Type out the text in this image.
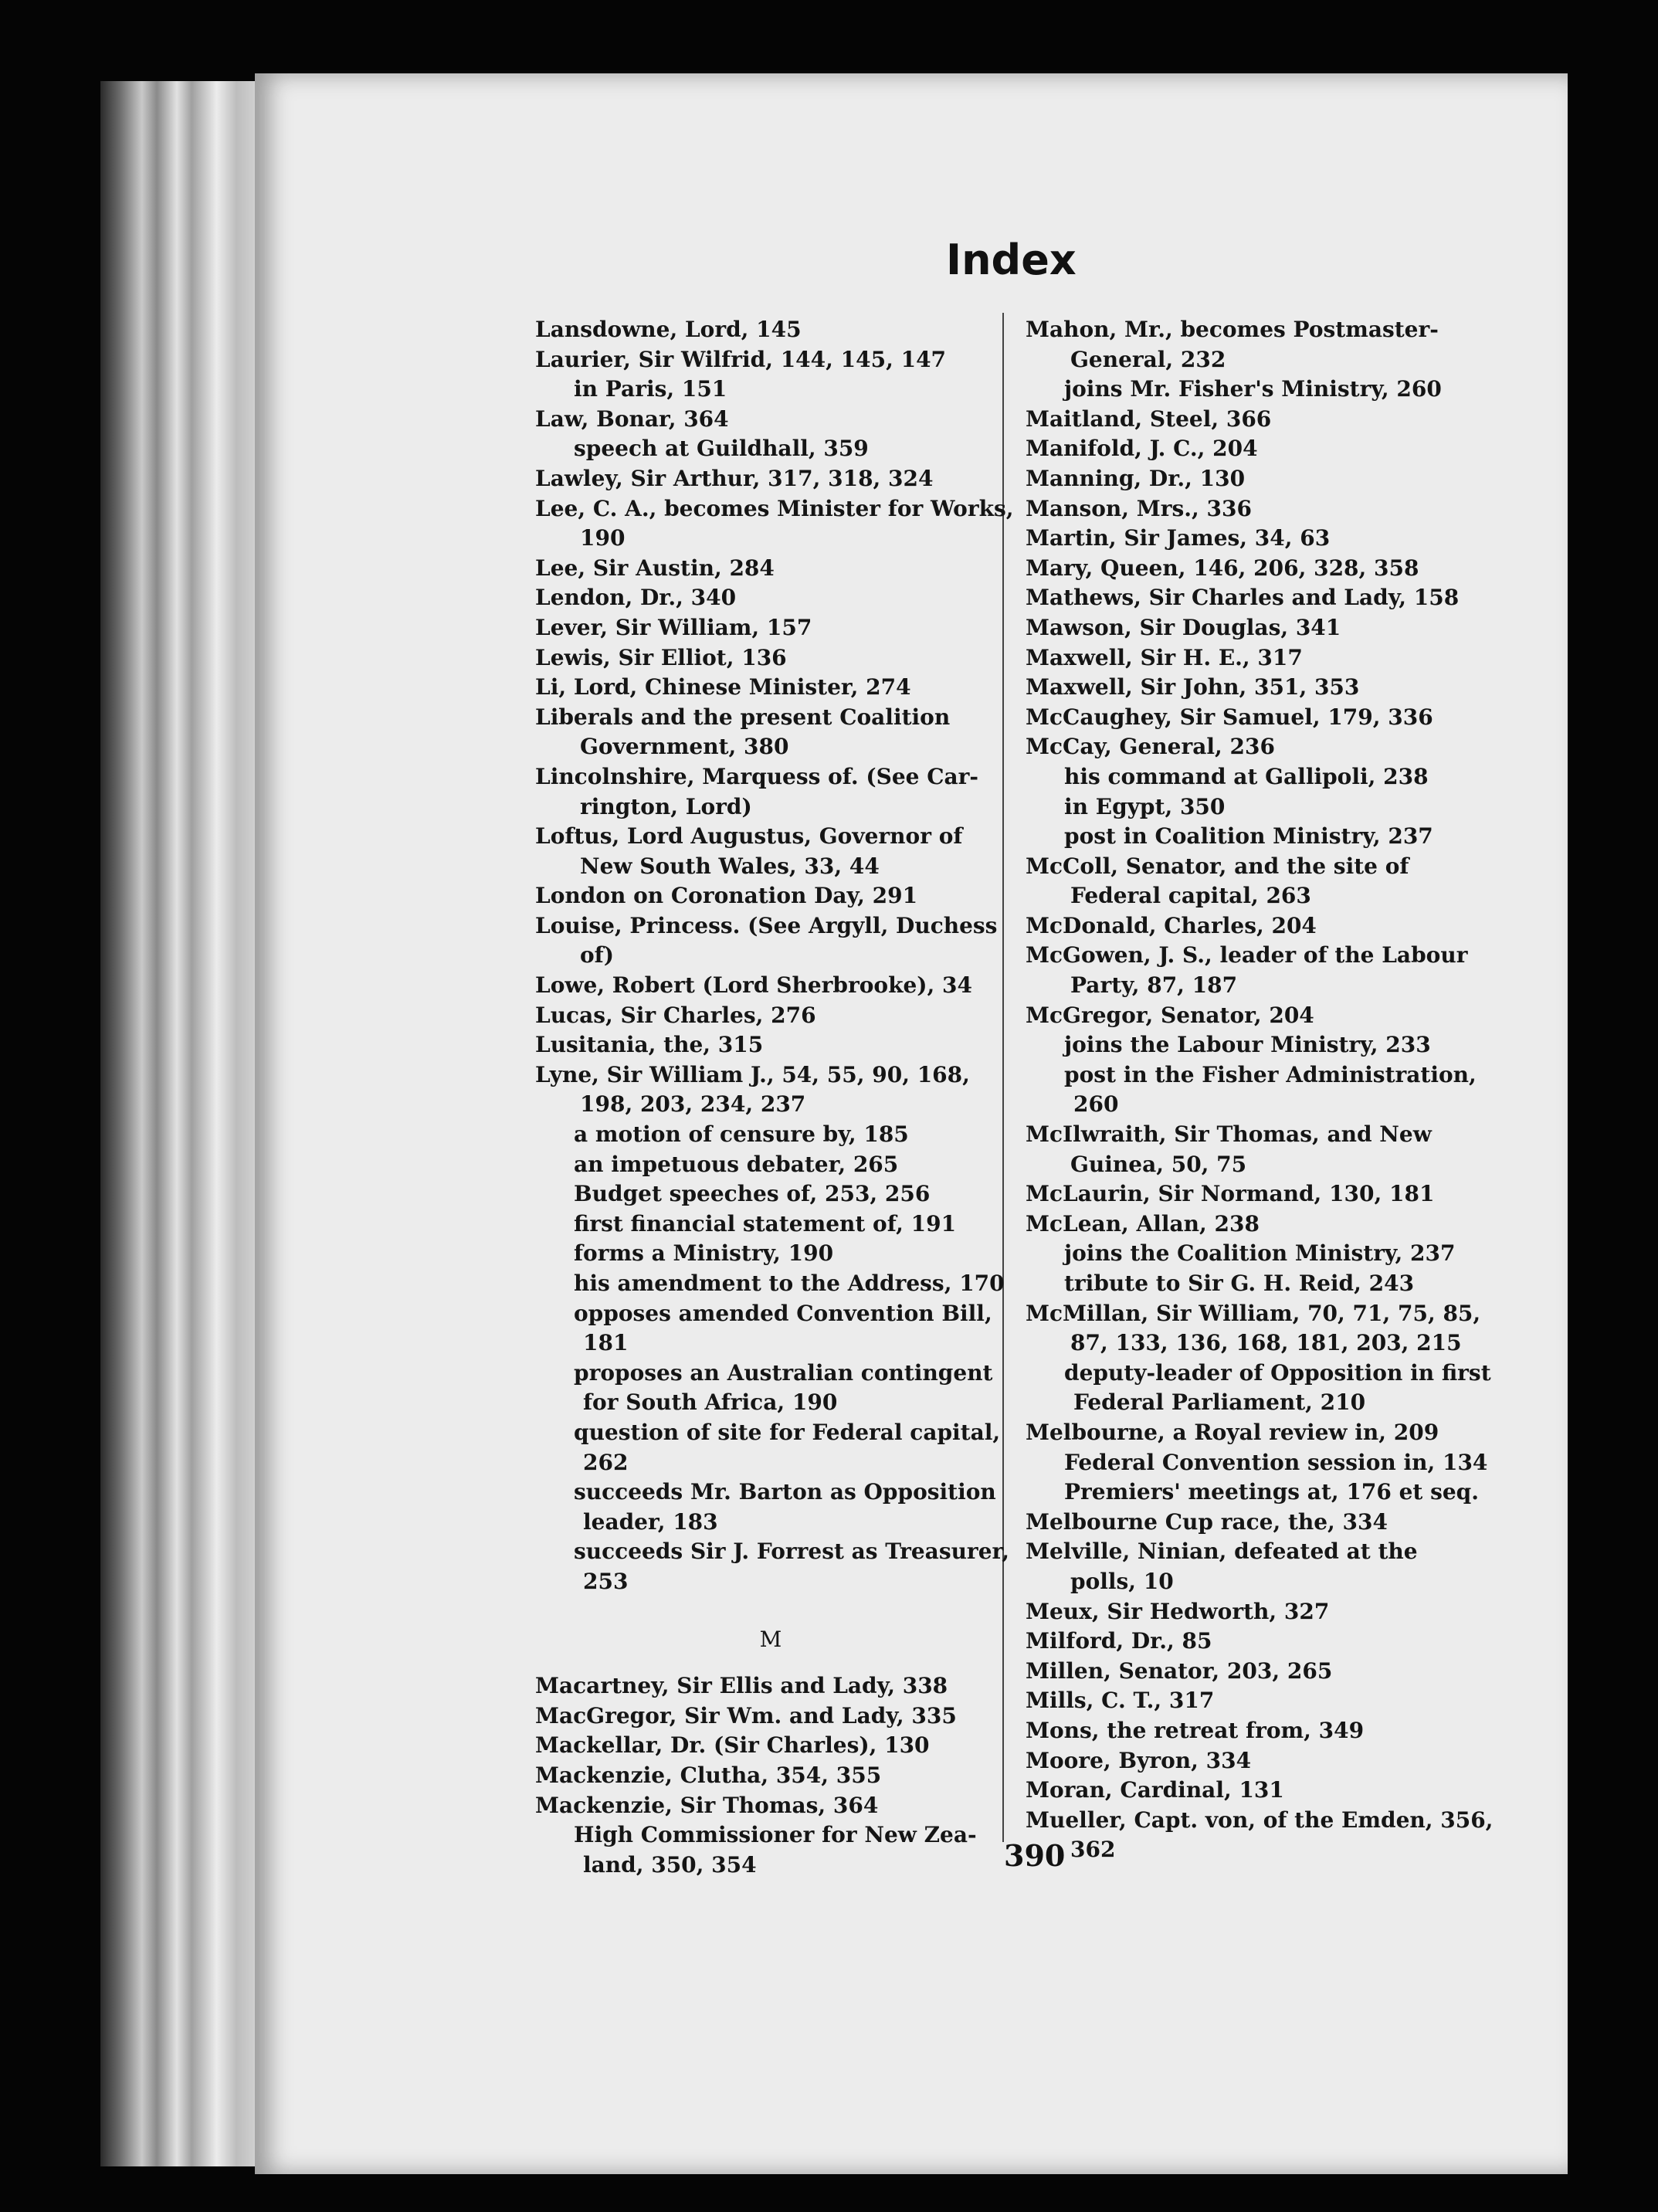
Index
Lansdowne, Lord, 145
Laurier, Sir Wilfrid, 144, 145, 147
in Paris, 151
Law, Bonar, 364
speech at Guildhall, 359
Lawley, Sir Arthur, 317, 318, 324
Lee, C. A., becomes Minister for Works,
190
Lee, Sir Austin, 284
Lendon, Dr., 340
Lever, Sir William, 157
Lewis, Sir Elliot, 136
Li, Lord, Chinese Minister, 274
Liberals and the present Coalition
Government, 380
Lincolnshire, Marquess of. (See Car-
rington, Lord)
Loftus, Lord Augustus, Governor of
New South Wales, 33, 44
London on Coronation Day, 291
Louise, Princess. (See Argyll, Duchess
of)
Lowe, Robert (Lord Sherbrooke), 34
Lucas, Sir Charles, 276
Lusitania, the, 315
Lyne, Sir William J., 54, 55, 90, 168,
198, 203, 234, 237
a motion of censure by, 185
an impetuous debater, 265
Budget speeches of, 253, 256
first financial statement of, 191
forms a Ministry, 190
his amendment to the Address, 170
opposes amended Convention Bill,
181
proposes an Australian contingent
for South Africa, 190
question of site for Federal capital,
262
succeeds Mr. Barton as Opposition
leader, 183
succeeds Sir J. Forrest as Treasurer,
253
M
Macartney, Sir Ellis and Lady, 338
MacGregor, Sir Wm. and Lady, 335
Mackellar, Dr. (Sir Charles), 130
Mackenzie, Clutha, 354, 355
Mackenzie, Sir Thomas, 364
High Commissioner for New Zea-
land, 350, 354
Mahon, Mr., becomes Postmaster-
General, 232
joins Mr. Fisher's Ministry, 260
Maitland, Steel, 366
Manifold, J. C., 204
Manning, Dr., 130
Manson, Mrs., 336
Martin, Sir James, 34, 63
Mary, Queen, 146, 206, 328, 358
Mathews, Sir Charles and Lady, 158
Mawson, Sir Douglas, 341
Maxwell, Sir H. E., 317
Maxwell, Sir John, 351, 353
McCaughey, Sir Samuel, 179, 336
McCay, General, 236
his command at Gallipoli, 238
in Egypt, 350
post in Coalition Ministry, 237
McColl, Senator, and the site of
Federal capital, 263
McDonald, Charles, 204
McGowen, J. S., leader of the Labour
Party, 87, 187
McGregor, Senator, 204
joins the Labour Ministry, 233
post in the Fisher Administration,
260
McIlwraith, Sir Thomas, and New
Guinea, 50, 75
McLaurin, Sir Normand, 130, 181
McLean, Allan, 238
joins the Coalition Ministry, 237
tribute to Sir G. H. Reid, 243
McMillan, Sir William, 70, 71, 75, 85,
87, 133, 136, 168, 181, 203, 215
deputy-leader of Opposition in first
Federal Parliament, 210
Melbourne, a Royal review in, 209
Federal Convention session in, 134
Premiers' meetings at, 176 et seq.
Melbourne Cup race, the, 334
Melville, Ninian, defeated at the
polls, 10
Meux, Sir Hedworth, 327
Milford, Dr., 85
Millen, Senator, 203, 265
Mills, C. T., 317
Mons, the retreat from, 349
Moore, Byron, 334
Moran, Cardinal, 131
Mueller, Capt. von, of the Emden, 356,
362
390
